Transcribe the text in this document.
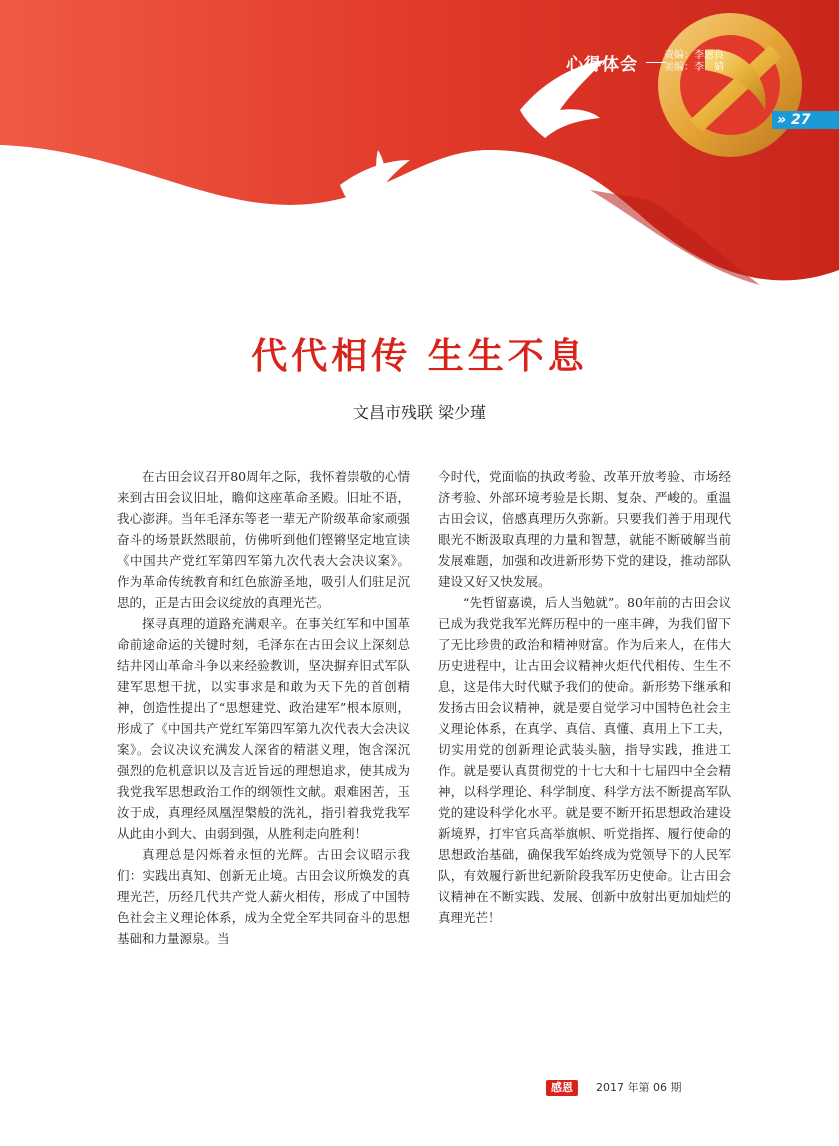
心得体会	责编：李思良
美编：李　婧
» 27
代代相传 生生不息
文昌市残联 梁少瑾

在古田会议召开80周年之际，我怀着崇敬的心情来到古田会议旧址，瞻仰这座革命圣殿。旧址不语，我心澎湃。当年毛泽东等老一辈无产阶级革命家顽强奋斗的场景跃然眼前，仿佛听到他们铿锵坚定地宣读《中国共产党红军第四军第九次代表大会决议案》。作为革命传统教育和红色旅游圣地，吸引人们驻足沉思的，正是古田会议绽放的真理光芒。

探寻真理的道路充满艰辛。在事关红军和中国革命前途命运的关键时刻，毛泽东在古田会议上深刻总结井冈山革命斗争以来经验教训，坚决摒弃旧式军队建军思想干扰，以实事求是和敢为天下先的首创精神，创造性提出了“思想建党、政治建军”根本原则，形成了《中国共产党红军第四军第九次代表大会决议案》。会议决议充满发人深省的精湛义理，饱含深沉强烈的危机意识以及言近旨远的理想追求，使其成为我党我军思想政治工作的纲领性文献。艰难困苦，玉汝于成，真理经凤凰涅槃般的洗礼，指引着我党我军从此由小到大、由弱到强，从胜利走向胜利！

真理总是闪烁着永恒的光辉。古田会议昭示我们：实践出真知、创新无止境。古田会议所焕发的真理光芒，历经几代共产党人薪火相传，形成了中国特色社会主义理论体系，成为全党全军共同奋斗的思想基础和力量源泉。当

今时代，党面临的执政考验、改革开放考验、市场经济考验、外部环境考验是长期、复杂、严峻的。重温古田会议，倍感真理历久弥新。只要我们善于用现代眼光不断汲取真理的力量和智慧，就能不断破解当前发展难题，加强和改进新形势下党的建设，推动部队建设又好又快发展。

“先哲留嘉谟，后人当勉就”。80年前的古田会议已成为我党我军光辉历程中的一座丰碑，为我们留下了无比珍贵的政治和精神财富。作为后来人，在伟大历史进程中，让古田会议精神火炬代代相传、生生不息，这是伟大时代赋予我们的使命。新形势下继承和发扬古田会议精神，就是要自觉学习中国特色社会主义理论体系，在真学、真信、真懂、真用上下工夫，切实用党的创新理论武装头脑，指导实践，推进工作。就是要认真贯彻党的十七大和十七届四中全会精神，以科学理论、科学制度、科学方法不断提高军队党的建设科学化水平。就是要不断开拓思想政治建设新境界，打牢官兵高举旗帜、听党指挥、履行使命的思想政治基础，确保我军始终成为党领导下的人民军队，有效履行新世纪新阶段我军历史使命。让古田会议精神在不断实践、发展、创新中放射出更加灿烂的真理光芒！

感恩	2017 年第 06 期
